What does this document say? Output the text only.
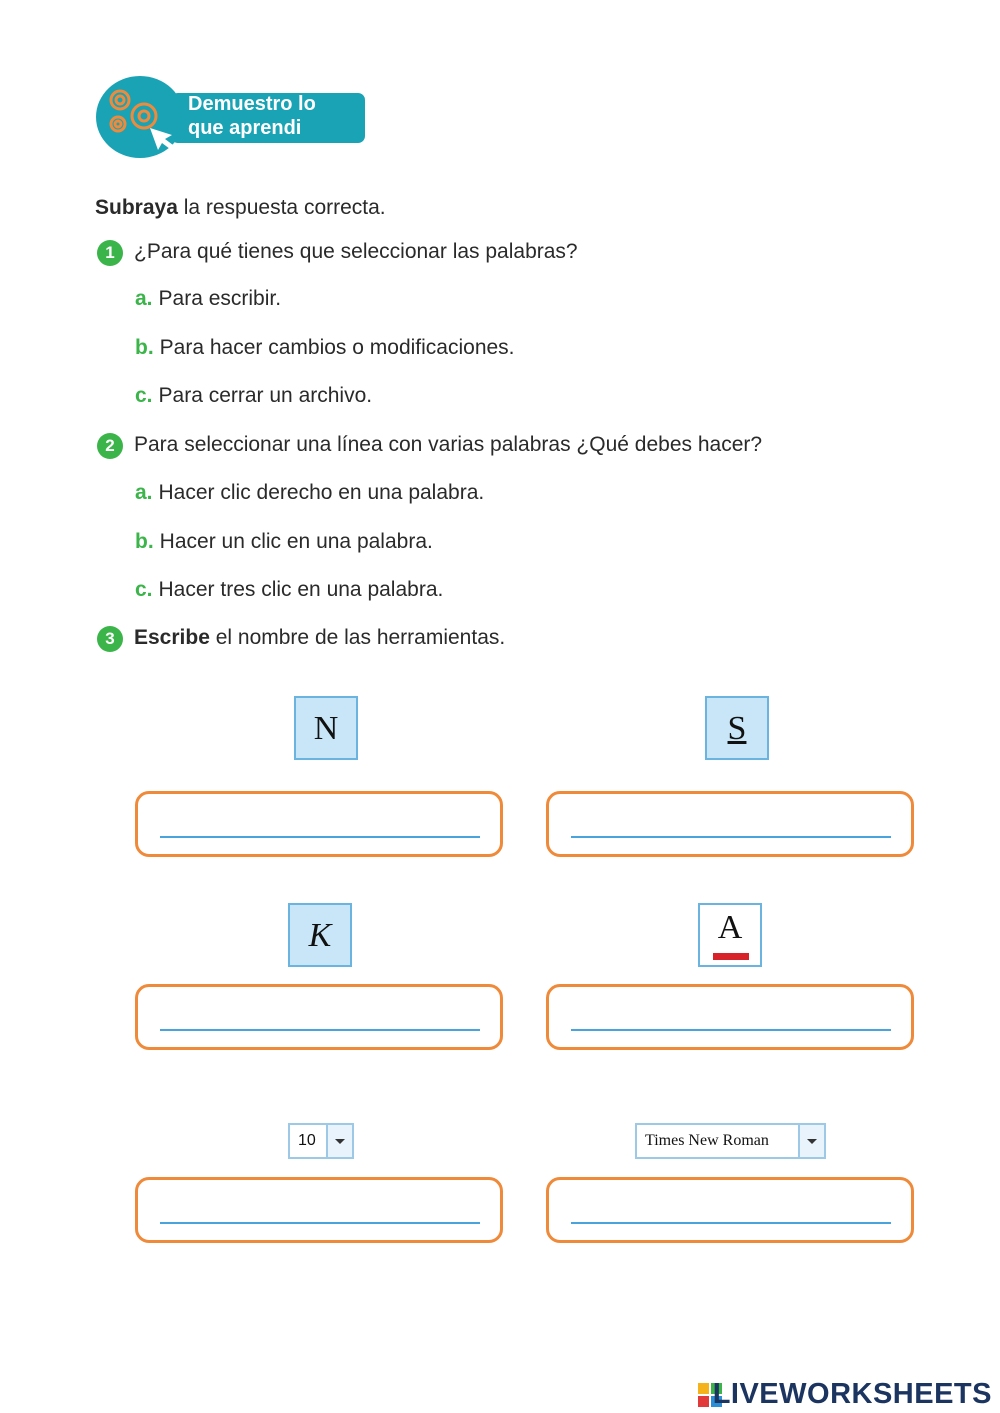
Demuestro lo
que aprendi
Subraya la respuesta correcta.
1 ¿Para qué tienes que seleccionar las palabras?
a. Para escribir.
b. Para hacer cambios o modificaciones.
c. Para cerrar un archivo.
2 Para seleccionar una línea con varias palabras ¿Qué debes hacer?
a. Hacer clic derecho en una palabra.
b. Hacer un clic en una palabra.
c. Hacer tres clic en una palabra.
3 Escribe el nombre de las herramientas.
N	S
K	A
10	Times New Roman
LIVEWORKSHEETS
